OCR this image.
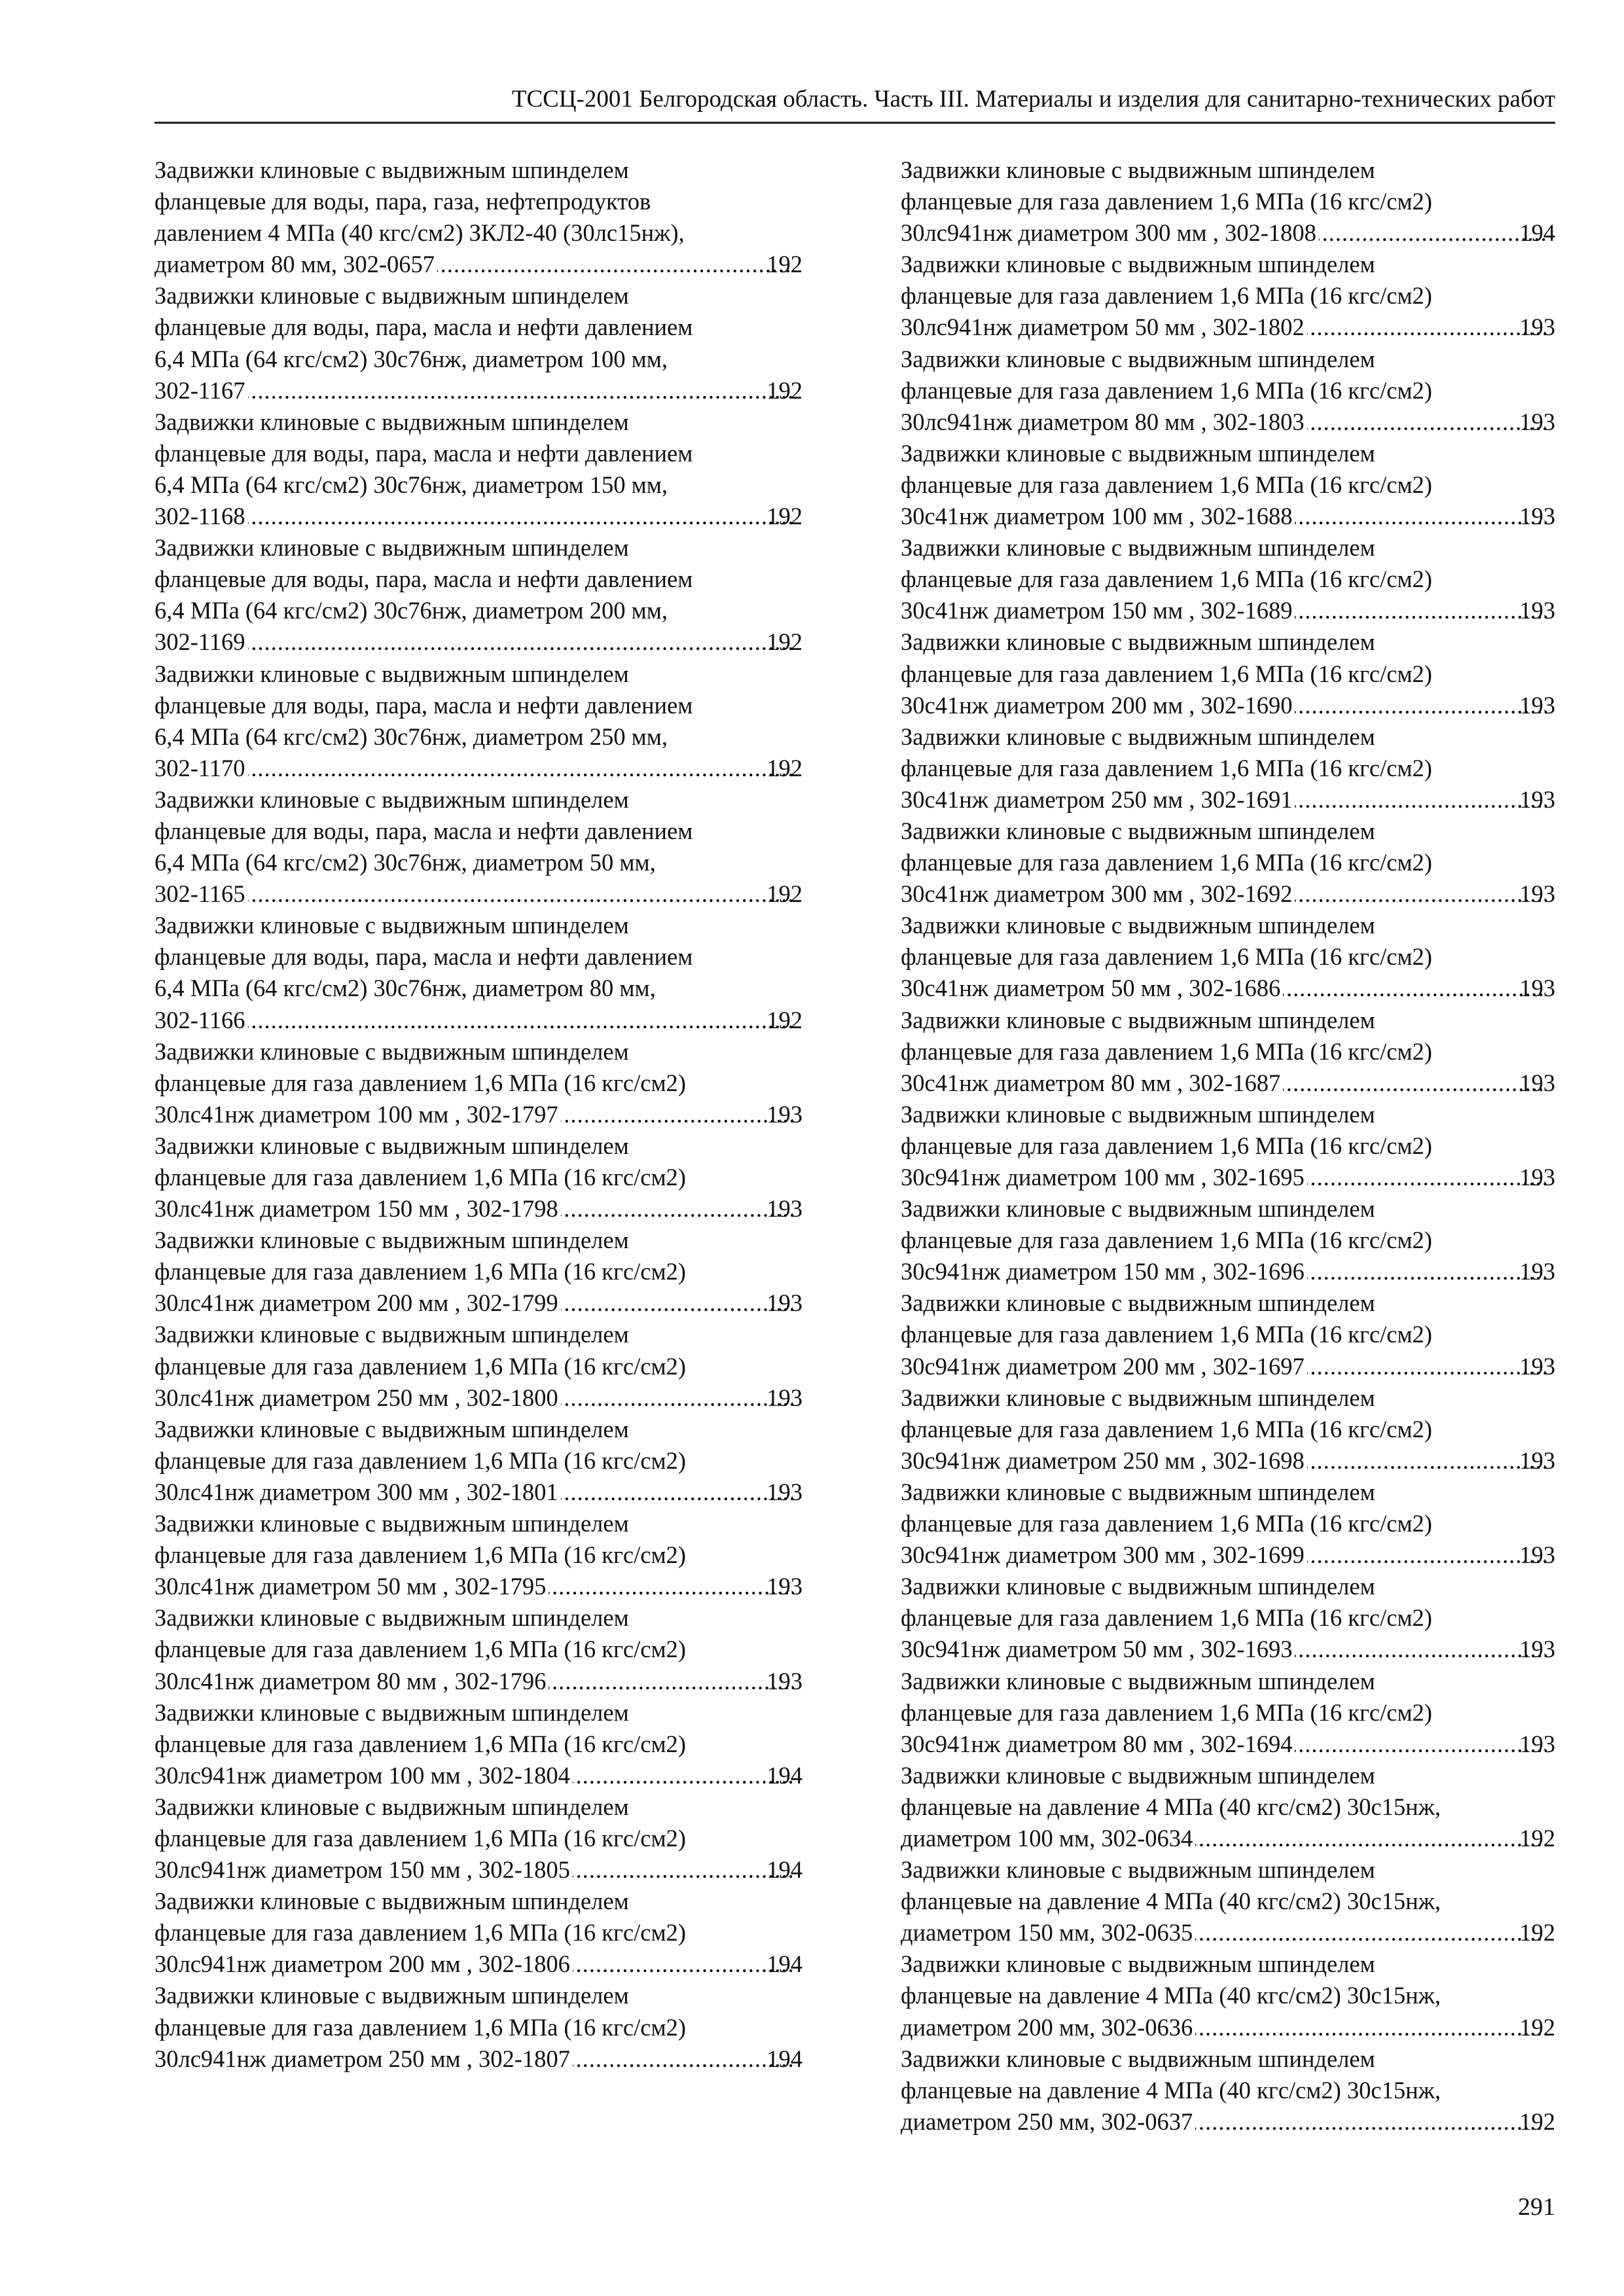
ТССЦ-2001 Белгородская область. Часть III. Материалы и изделия для санитарно-технических работ
Задвижки клиновые с выдвижным шпинделем
фланцевые для воды, пара, газа, нефтепродуктов
давлением 4 МПа (40 кгс/см2) ЗКЛ2-40 (30лс15нж),
диаметром 80 мм, 302-0657 .....	192
Задвижки клиновые с выдвижным шпинделем
фланцевые для воды, пара, масла и нефти давлением
6,4 МПа (64 кгс/см2) 30с76нж, диаметром 100 мм,
302-1167 .....	192
Задвижки клиновые с выдвижным шпинделем
фланцевые для воды, пара, масла и нефти давлением
6,4 МПа (64 кгс/см2) 30с76нж, диаметром 150 мм,
302-1168 .....	192
Задвижки клиновые с выдвижным шпинделем
фланцевые для воды, пара, масла и нефти давлением
6,4 МПа (64 кгс/см2) 30с76нж, диаметром 200 мм,
302-1169 .....	192
Задвижки клиновые с выдвижным шпинделем
фланцевые для воды, пара, масла и нефти давлением
6,4 МПа (64 кгс/см2) 30с76нж, диаметром 250 мм,
302-1170 .....	192
Задвижки клиновые с выдвижным шпинделем
фланцевые для воды, пара, масла и нефти давлением
6,4 МПа (64 кгс/см2) 30с76нж, диаметром 50 мм,
302-1165 .....	192
Задвижки клиновые с выдвижным шпинделем
фланцевые для воды, пара, масла и нефти давлением
6,4 МПа (64 кгс/см2) 30с76нж, диаметром 80 мм,
302-1166 .....	192
Задвижки клиновые с выдвижным шпинделем
фланцевые для газа давлением 1,6 МПа (16 кгс/см2)
30лс41нж диаметром 100 мм , 302-1797 .....	193
Задвижки клиновые с выдвижным шпинделем
фланцевые для газа давлением 1,6 МПа (16 кгс/см2)
30лс41нж диаметром 150 мм , 302-1798 .....	193
Задвижки клиновые с выдвижным шпинделем
фланцевые для газа давлением 1,6 МПа (16 кгс/см2)
30лс41нж диаметром 200 мм , 302-1799 .....	193
Задвижки клиновые с выдвижным шпинделем
фланцевые для газа давлением 1,6 МПа (16 кгс/см2)
30лс41нж диаметром 250 мм , 302-1800 .....	193
Задвижки клиновые с выдвижным шпинделем
фланцевые для газа давлением 1,6 МПа (16 кгс/см2)
30лс41нж диаметром 300 мм , 302-1801 .....	193
Задвижки клиновые с выдвижным шпинделем
фланцевые для газа давлением 1,6 МПа (16 кгс/см2)
30лс41нж диаметром 50 мм , 302-1795 .....	193
Задвижки клиновые с выдвижным шпинделем
фланцевые для газа давлением 1,6 МПа (16 кгс/см2)
30лс41нж диаметром 80 мм , 302-1796 .....	193
Задвижки клиновые с выдвижным шпинделем
фланцевые для газа давлением 1,6 МПа (16 кгс/см2)
30лс941нж диаметром 100 мм , 302-1804 .....	194
Задвижки клиновые с выдвижным шпинделем
фланцевые для газа давлением 1,6 МПа (16 кгс/см2)
30лс941нж диаметром 150 мм , 302-1805 .....	194
Задвижки клиновые с выдвижным шпинделем
фланцевые для газа давлением 1,6 МПа (16 кгс/см2)
30лс941нж диаметром 200 мм , 302-1806 .....	194
Задвижки клиновые с выдвижным шпинделем
фланцевые для газа давлением 1,6 МПа (16 кгс/см2)
30лс941нж диаметром 250 мм , 302-1807 .....	194
Задвижки клиновые с выдвижным шпинделем
фланцевые для газа давлением 1,6 МПа (16 кгс/см2)
30лс941нж диаметром 300 мм , 302-1808 .....	194
Задвижки клиновые с выдвижным шпинделем
фланцевые для газа давлением 1,6 МПа (16 кгс/см2)
30лс941нж диаметром 50 мм , 302-1802 .....	193
Задвижки клиновые с выдвижным шпинделем
фланцевые для газа давлением 1,6 МПа (16 кгс/см2)
30лс941нж диаметром 80 мм , 302-1803 .....	193
Задвижки клиновые с выдвижным шпинделем
фланцевые для газа давлением 1,6 МПа (16 кгс/см2)
30с41нж диаметром 100 мм , 302-1688 .....	193
Задвижки клиновые с выдвижным шпинделем
фланцевые для газа давлением 1,6 МПа (16 кгс/см2)
30с41нж диаметром 150 мм , 302-1689 .....	193
Задвижки клиновые с выдвижным шпинделем
фланцевые для газа давлением 1,6 МПа (16 кгс/см2)
30с41нж диаметром 200 мм , 302-1690 .....	193
Задвижки клиновые с выдвижным шпинделем
фланцевые для газа давлением 1,6 МПа (16 кгс/см2)
30с41нж диаметром 250 мм , 302-1691 .....	193
Задвижки клиновые с выдвижным шпинделем
фланцевые для газа давлением 1,6 МПа (16 кгс/см2)
30с41нж диаметром 300 мм , 302-1692 .....	193
Задвижки клиновые с выдвижным шпинделем
фланцевые для газа давлением 1,6 МПа (16 кгс/см2)
30с41нж диаметром 50 мм , 302-1686 .....	193
Задвижки клиновые с выдвижным шпинделем
фланцевые для газа давлением 1,6 МПа (16 кгс/см2)
30с41нж диаметром 80 мм , 302-1687 .....	193
Задвижки клиновые с выдвижным шпинделем
фланцевые для газа давлением 1,6 МПа (16 кгс/см2)
30с941нж диаметром 100 мм , 302-1695 .....	193
Задвижки клиновые с выдвижным шпинделем
фланцевые для газа давлением 1,6 МПа (16 кгс/см2)
30с941нж диаметром 150 мм , 302-1696 .....	193
Задвижки клиновые с выдвижным шпинделем
фланцевые для газа давлением 1,6 МПа (16 кгс/см2)
30с941нж диаметром 200 мм , 302-1697 .....	193
Задвижки клиновые с выдвижным шпинделем
фланцевые для газа давлением 1,6 МПа (16 кгс/см2)
30с941нж диаметром 250 мм , 302-1698 .....	193
Задвижки клиновые с выдвижным шпинделем
фланцевые для газа давлением 1,6 МПа (16 кгс/см2)
30с941нж диаметром 300 мм , 302-1699 .....	193
Задвижки клиновые с выдвижным шпинделем
фланцевые для газа давлением 1,6 МПа (16 кгс/см2)
30с941нж диаметром 50 мм , 302-1693 .....	193
Задвижки клиновые с выдвижным шпинделем
фланцевые для газа давлением 1,6 МПа (16 кгс/см2)
30с941нж диаметром 80 мм , 302-1694 .....	193
Задвижки клиновые с выдвижным шпинделем
фланцевые на давление 4 МПа (40 кгс/см2) 30с15нж,
диаметром 100 мм, 302-0634 .....	192
Задвижки клиновые с выдвижным шпинделем
фланцевые на давление 4 МПа (40 кгс/см2) 30с15нж,
диаметром 150 мм, 302-0635 .....	192
Задвижки клиновые с выдвижным шпинделем
фланцевые на давление 4 МПа (40 кгс/см2) 30с15нж,
диаметром 200 мм, 302-0636 .....	192
Задвижки клиновые с выдвижным шпинделем
фланцевые на давление 4 МПа (40 кгс/см2) 30с15нж,
диаметром 250 мм, 302-0637 .....	192
291
